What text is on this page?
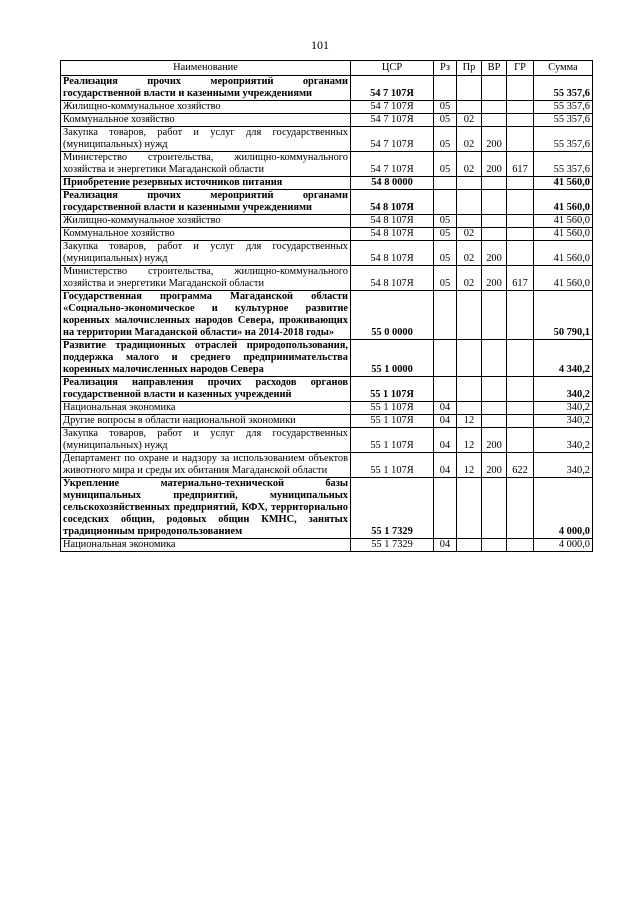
101
Наименование	ЦСР	Рз	Пр	ВР	ГР	Сумма
Реализация прочих мероприятий органами государственной власти и казенными учреждениями	54 7 107Я					55 357,6
Жилищно-коммунальное хозяйство	54 7 107Я	05				55 357,6
Коммунальное хозяйство	54 7 107Я	05	02			55 357,6
Закупка товаров, работ и услуг для государственных (муниципальных) нужд	54 7 107Я	05	02	200		55 357,6
Министерство строительства, жилищно-коммунального хозяйства и энергетики Магаданской области	54 7 107Я	05	02	200	617	55 357,6
Приобретение резервных источников питания	54 8 0000					41 560,0
Реализация прочих мероприятий органами государственной власти и казенными учреждениями	54 8 107Я					41 560,0
Жилищно-коммунальное хозяйство	54 8 107Я	05				41 560,0
Коммунальное хозяйство	54 8 107Я	05	02			41 560,0
Закупка товаров, работ и услуг для государственных (муниципальных) нужд	54 8 107Я	05	02	200		41 560,0
Министерство строительства, жилищно-коммунального хозяйства и энергетики Магаданской области	54 8 107Я	05	02	200	617	41 560,0
Государственная программа Магаданской области «Социально-экономическое и культурное развитие коренных малочисленных народов Севера, проживающих на территории Магаданской области» на 2014-2018 годы»	55 0 0000					50 790,1
Развитие традиционных отраслей природопользования, поддержка малого и среднего предпринимательства коренных малочисленных народов Севера	55 1 0000					4 340,2
Реализация направления прочих расходов органов государственной власти и казенных учреждений	55 1 107Я					340,2
Национальная экономика	55 1 107Я	04				340,2
Другие вопросы в области национальной экономики	55 1 107Я	04	12			340,2
Закупка товаров, работ и услуг для государственных (муниципальных) нужд	55 1 107Я	04	12	200		340,2
Департамент по охране и надзору за использованием объектов животного мира и среды их обитания Магаданской области	55 1 107Я	04	12	200	622	340,2
Укрепление материально-технической базы муниципальных предприятий, муниципальных сельскохозяйственных предприятий, КФХ, территориально соседских общин, родовых общин КМНС, занятых традиционным природопользованием	55 1 7329					4 000,0
Национальная экономика	55 1 7329	04				4 000,0
